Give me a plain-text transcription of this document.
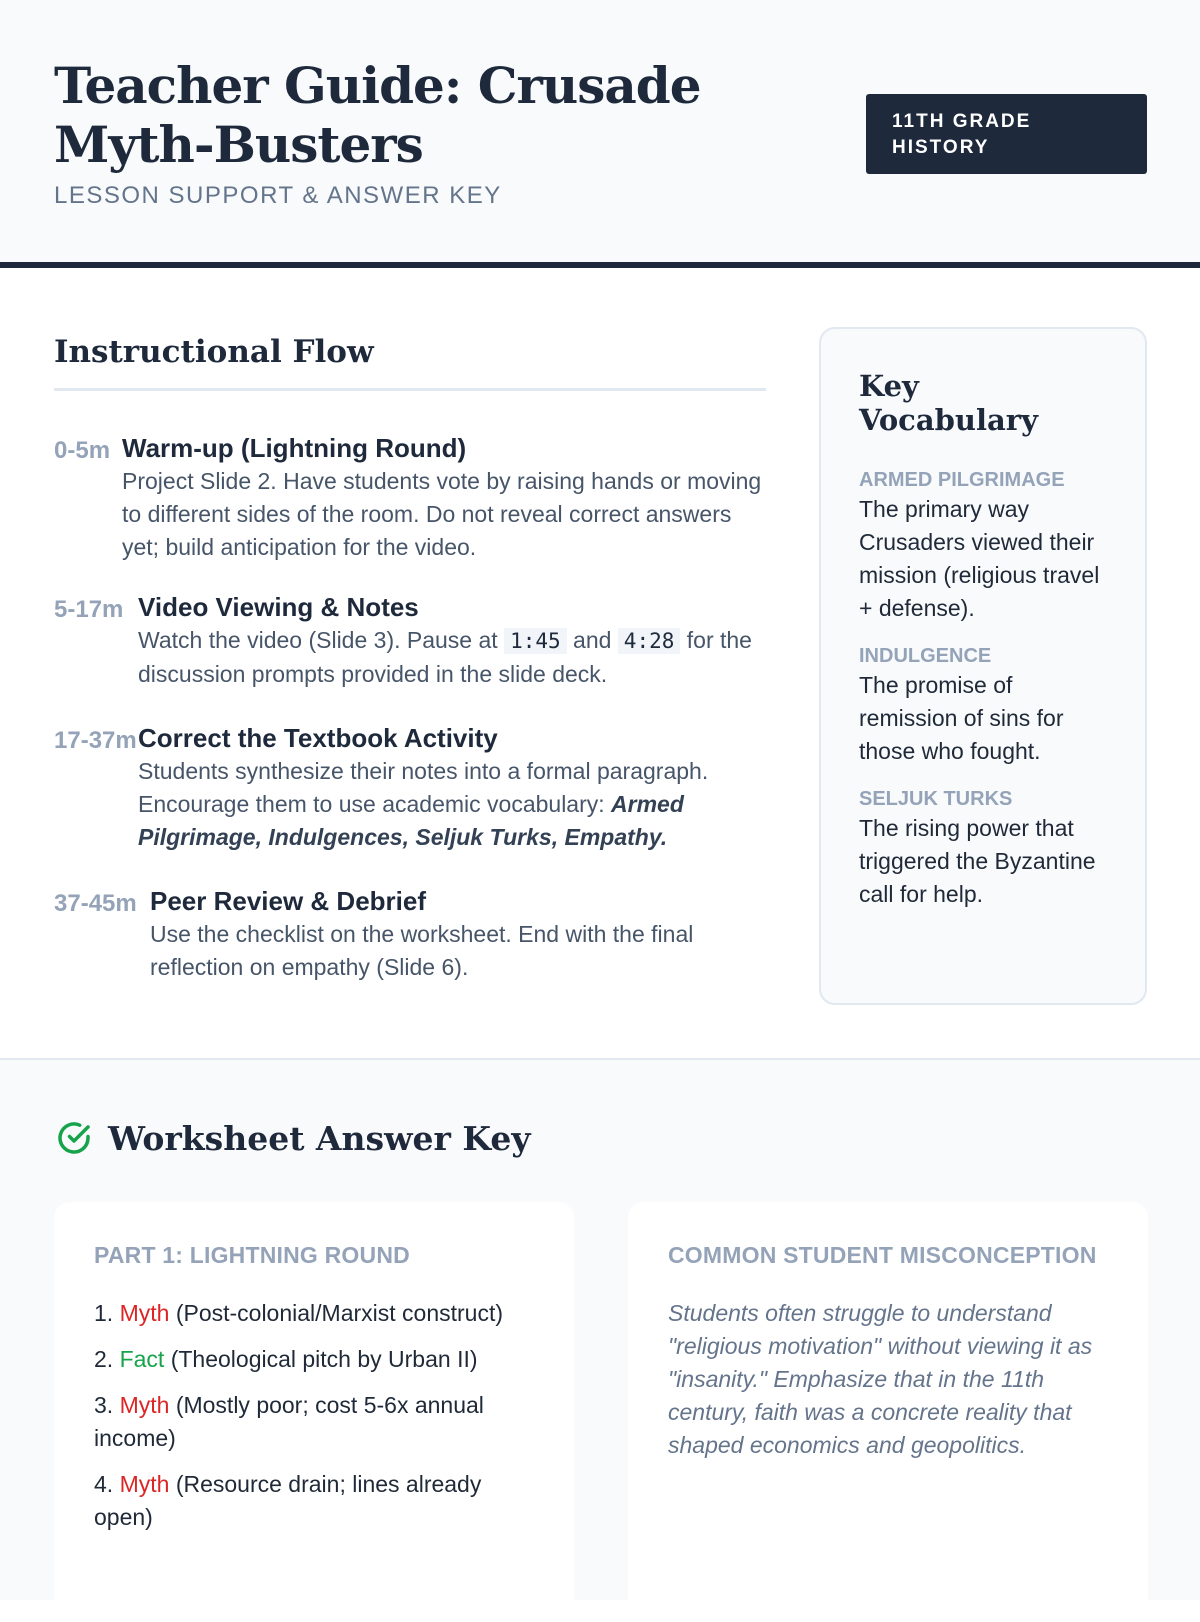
Teacher Guide: Crusade Myth-Busters
LESSON SUPPORT & ANSWER KEY
11TH GRADE HISTORY
Instructional Flow
0-5m Warm-up (Lightning Round)
Project Slide 2. Have students vote by raising hands or moving to different sides of the room. Do not reveal correct answers yet; build anticipation for the video.
5-17m Video Viewing & Notes
Watch the video (Slide 3). Pause at 1:45 and 4:28 for the discussion prompts provided in the slide deck.
17-37m Correct the Textbook Activity
Students synthesize their notes into a formal paragraph. Encourage them to use academic vocabulary: Armed Pilgrimage, Indulgences, Seljuk Turks, Empathy.
37-45m Peer Review & Debrief
Use the checklist on the worksheet. End with the final reflection on empathy (Slide 6).
Key Vocabulary
ARMED PILGRIMAGE
The primary way Crusaders viewed their mission (religious travel + defense).
INDULGENCE
The promise of remission of sins for those who fought.
SELJUK TURKS
The rising power that triggered the Byzantine call for help.
Worksheet Answer Key
PART 1: LIGHTNING ROUND
1. Myth (Post-colonial/Marxist construct)
2. Fact (Theological pitch by Urban II)
3. Myth (Mostly poor; cost 5-6x annual income)
4. Myth (Resource drain; lines already open)
COMMON STUDENT MISCONCEPTION

Students often struggle to understand "religious motivation" without viewing it as "insanity." Emphasize that in the 11th century, faith was a concrete reality that shaped economics and geopolitics.
